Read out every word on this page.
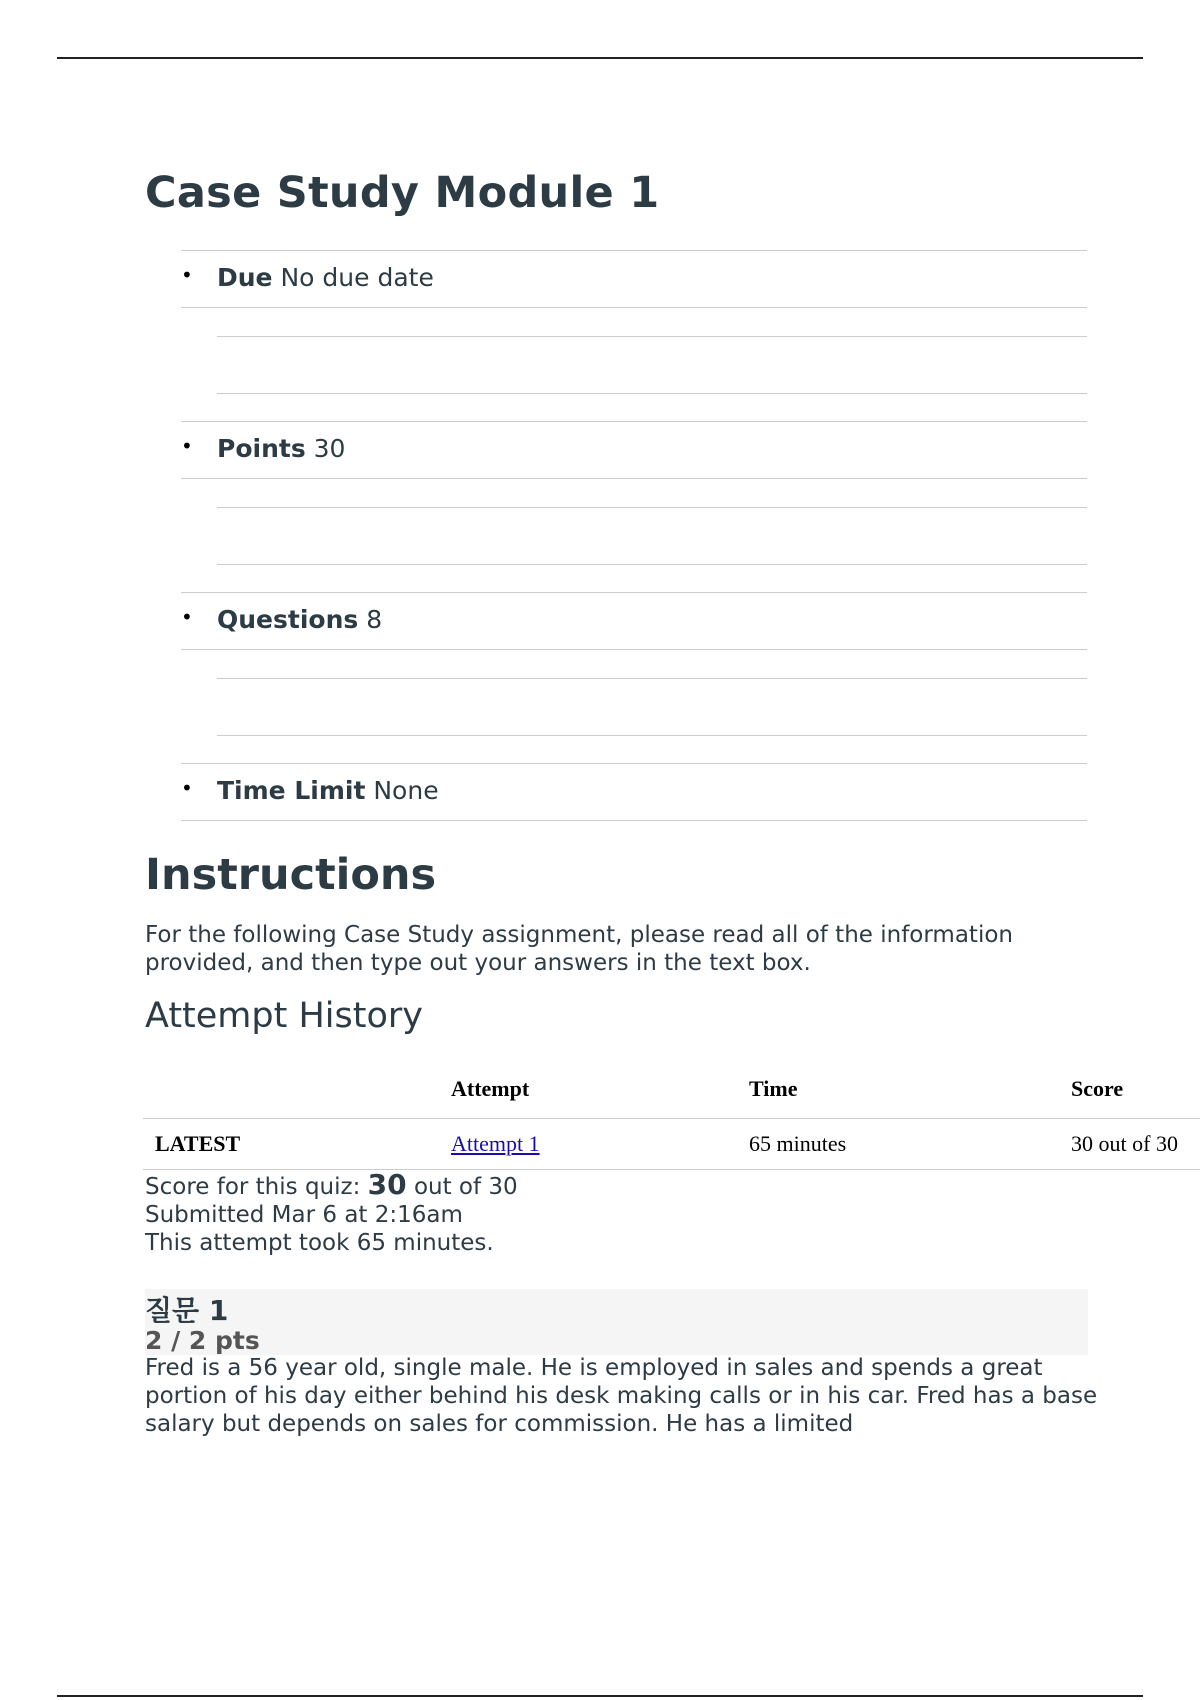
Case Study Module 1
• Due No due date
• Points 30
• Questions 8
• Time Limit None
Instructions

For the following Case Study assignment, please read all of the information provided, and then type out your answers in the text box.

Attempt History
	Attempt	Time	Score
LATEST	Attempt 1	65 minutes	30 out of 30
Score for this quiz: 30 out of 30
Submitted Mar 6 at 2:16am
This attempt took 65 minutes.
질문 1
2 / 2 pts

Fred is a 56 year old, single male. He is employed in sales and spends a great portion of his day either behind his desk making calls or in his car. Fred has a base salary but depends on sales for commission. He has a limited
